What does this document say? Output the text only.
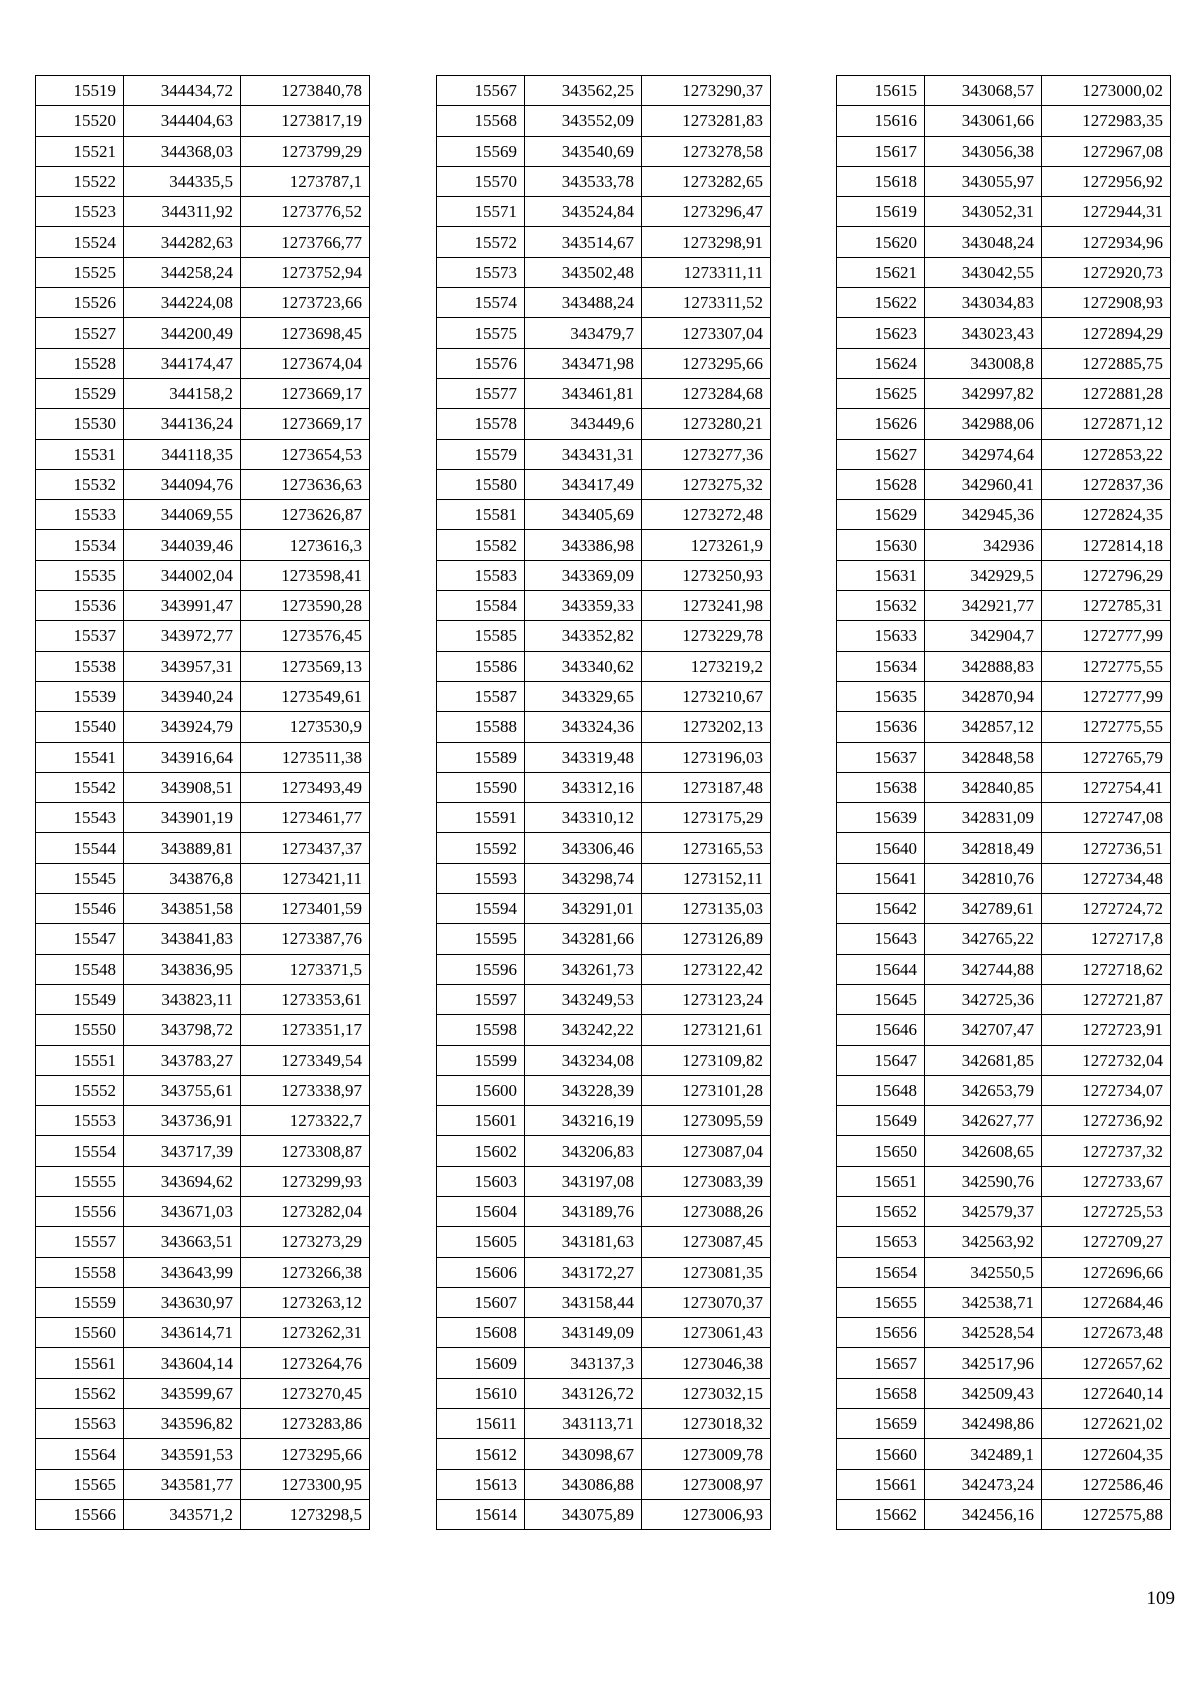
15519	344434,72	1273840,78
15520	344404,63	1273817,19
15521	344368,03	1273799,29
15522	344335,5	1273787,1
15523	344311,92	1273776,52
15524	344282,63	1273766,77
15525	344258,24	1273752,94
15526	344224,08	1273723,66
15527	344200,49	1273698,45
15528	344174,47	1273674,04
15529	344158,2	1273669,17
15530	344136,24	1273669,17
15531	344118,35	1273654,53
15532	344094,76	1273636,63
15533	344069,55	1273626,87
15534	344039,46	1273616,3
15535	344002,04	1273598,41
15536	343991,47	1273590,28
15537	343972,77	1273576,45
15538	343957,31	1273569,13
15539	343940,24	1273549,61
15540	343924,79	1273530,9
15541	343916,64	1273511,38
15542	343908,51	1273493,49
15543	343901,19	1273461,77
15544	343889,81	1273437,37
15545	343876,8	1273421,11
15546	343851,58	1273401,59
15547	343841,83	1273387,76
15548	343836,95	1273371,5
15549	343823,11	1273353,61
15550	343798,72	1273351,17
15551	343783,27	1273349,54
15552	343755,61	1273338,97
15553	343736,91	1273322,7
15554	343717,39	1273308,87
15555	343694,62	1273299,93
15556	343671,03	1273282,04
15557	343663,51	1273273,29
15558	343643,99	1273266,38
15559	343630,97	1273263,12
15560	343614,71	1273262,31
15561	343604,14	1273264,76
15562	343599,67	1273270,45
15563	343596,82	1273283,86
15564	343591,53	1273295,66
15565	343581,77	1273300,95
15566	343571,2	1273298,5
15567	343562,25	1273290,37
15568	343552,09	1273281,83
15569	343540,69	1273278,58
15570	343533,78	1273282,65
15571	343524,84	1273296,47
15572	343514,67	1273298,91
15573	343502,48	1273311,11
15574	343488,24	1273311,52
15575	343479,7	1273307,04
15576	343471,98	1273295,66
15577	343461,81	1273284,68
15578	343449,6	1273280,21
15579	343431,31	1273277,36
15580	343417,49	1273275,32
15581	343405,69	1273272,48
15582	343386,98	1273261,9
15583	343369,09	1273250,93
15584	343359,33	1273241,98
15585	343352,82	1273229,78
15586	343340,62	1273219,2
15587	343329,65	1273210,67
15588	343324,36	1273202,13
15589	343319,48	1273196,03
15590	343312,16	1273187,48
15591	343310,12	1273175,29
15592	343306,46	1273165,53
15593	343298,74	1273152,11
15594	343291,01	1273135,03
15595	343281,66	1273126,89
15596	343261,73	1273122,42
15597	343249,53	1273123,24
15598	343242,22	1273121,61
15599	343234,08	1273109,82
15600	343228,39	1273101,28
15601	343216,19	1273095,59
15602	343206,83	1273087,04
15603	343197,08	1273083,39
15604	343189,76	1273088,26
15605	343181,63	1273087,45
15606	343172,27	1273081,35
15607	343158,44	1273070,37
15608	343149,09	1273061,43
15609	343137,3	1273046,38
15610	343126,72	1273032,15
15611	343113,71	1273018,32
15612	343098,67	1273009,78
15613	343086,88	1273008,97
15614	343075,89	1273006,93
15615	343068,57	1273000,02
15616	343061,66	1272983,35
15617	343056,38	1272967,08
15618	343055,97	1272956,92
15619	343052,31	1272944,31
15620	343048,24	1272934,96
15621	343042,55	1272920,73
15622	343034,83	1272908,93
15623	343023,43	1272894,29
15624	343008,8	1272885,75
15625	342997,82	1272881,28
15626	342988,06	1272871,12
15627	342974,64	1272853,22
15628	342960,41	1272837,36
15629	342945,36	1272824,35
15630	342936	1272814,18
15631	342929,5	1272796,29
15632	342921,77	1272785,31
15633	342904,7	1272777,99
15634	342888,83	1272775,55
15635	342870,94	1272777,99
15636	342857,12	1272775,55
15637	342848,58	1272765,79
15638	342840,85	1272754,41
15639	342831,09	1272747,08
15640	342818,49	1272736,51
15641	342810,76	1272734,48
15642	342789,61	1272724,72
15643	342765,22	1272717,8
15644	342744,88	1272718,62
15645	342725,36	1272721,87
15646	342707,47	1272723,91
15647	342681,85	1272732,04
15648	342653,79	1272734,07
15649	342627,77	1272736,92
15650	342608,65	1272737,32
15651	342590,76	1272733,67
15652	342579,37	1272725,53
15653	342563,92	1272709,27
15654	342550,5	1272696,66
15655	342538,71	1272684,46
15656	342528,54	1272673,48
15657	342517,96	1272657,62
15658	342509,43	1272640,14
15659	342498,86	1272621,02
15660	342489,1	1272604,35
15661	342473,24	1272586,46
15662	342456,16	1272575,88
109
